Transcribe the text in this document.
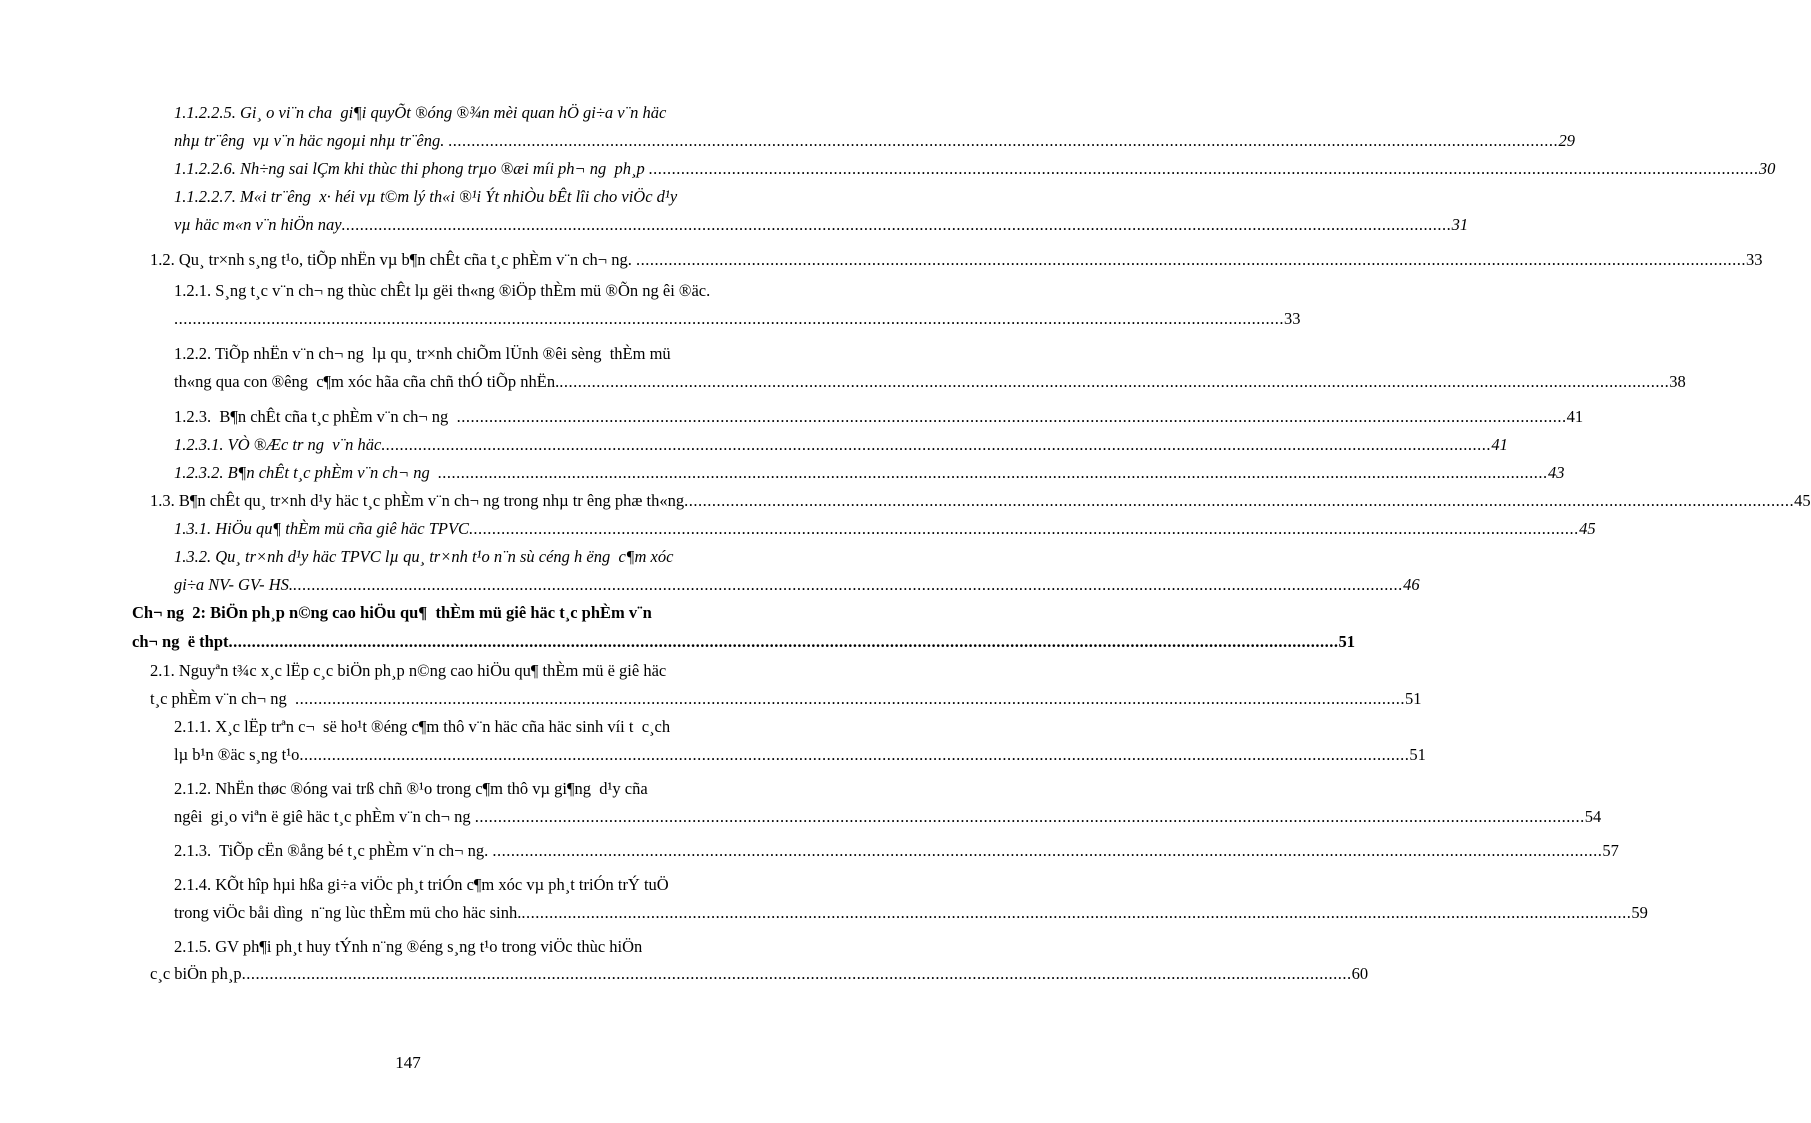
1.1.2.2.5. Gi¸ o vi¨n cha  gi¶i quyÕt ®óng ®¾n mèi quan hÖ gi÷a v¨n häc
nhµ tr¨êng  vµ v¨n häc ngoµi nhµ tr¨êng. ................................................................................................................................................................................................................................................ 29
1.1.2.2.6. Nh÷ng sai lÇm khi thùc thi phong trµo ®æi míi ph¬ ng  ph¸p ................................................................................................................................................................................................................................................ 30
1.1.2.2.7. M«i tr¨êng  x· héi vµ t©m lý th«i ®¹i Ýt nhiÒu bÊt lîi cho viÖc d¹y
vµ häc m«n v¨n hiÖn nay ................................................................................................................................................................................................................................................ 31
1.2. Qu¸ tr×nh s¸ng t¹o, tiÕp nhËn vµ b¶n chÊt cña t¸c phÈm v¨n ch¬ ng. ................................................................................................................................................................................................................................................ 33
1.2.1. S¸ng t¸c v¨n ch¬ ng thùc chÊt lµ gëi th«ng ®iÖp thÈm mü ®Õn ng êi ®äc.
................................................................................................................................................................................................................................................ 33
1.2.2. TiÕp nhËn v¨n ch¬ ng  lµ qu¸ tr×nh chiÕm lÜnh ®êi sèng  thÈm mü
th«ng qua con ®êng  c¶m xóc hãa cña chñ thÓ tiÕp nhËn. ................................................................................................................................................................................................................................................ 38
1.2.3.  B¶n chÊt cña t¸c phÈm v¨n ch¬ ng ................................................................................................................................................................................................................................................ 41
1.2.3.1. VÒ ®Æc tr ng  v¨n häc ................................................................................................................................................................................................................................................ 41
1.2.3.2. B¶n chÊt t¸c phÈm v¨n ch¬ ng ................................................................................................................................................................................................................................................ 43
1.3. B¶n chÊt qu¸ tr×nh d¹y häc t¸c phÈm v¨n ch¬ ng trong nhµ tr êng phæ th«ng ................................................................................................................................................................................................................................................ 45
1.3.1. HiÖu qu¶ thÈm mü cña giê häc TPVC ................................................................................................................................................................................................................................................ 45
1.3.2. Qu¸ tr×nh d¹y häc TPVC lµ qu¸ tr×nh t¹o n¨n sù céng h ëng  c¶m xóc
gi÷a NV- GV- HS. ................................................................................................................................................................................................................................................ 46
Ch¬ ng  2: BiÖn ph¸p n©ng cao hiÖu qu¶  thÈm mü giê häc t¸c phÈm v¨n
ch¬ ng  ë thpt ................................................................................................................................................................................................................................................ 51
2.1. Nguyªn t¾c x¸c lËp c¸c biÖn ph¸p n©ng cao hiÖu qu¶ thÈm mü ë giê häc
t¸c phÈm v¨n ch¬ ng ................................................................................................................................................................................................................................................ 51
2.1.1. X¸c lËp trªn c¬  së ho¹t ®éng c¶m thô v¨n häc cña häc sinh víi t  c¸ch
lµ b¹n ®äc s¸ng t¹o ................................................................................................................................................................................................................................................ 51
2.1.2. NhËn thøc ®óng vai trß chñ ®¹o trong c¶m thô vµ gi¶ng  d¹y cña
ngêi  gi¸o viªn ë giê häc t¸c phÈm v¨n ch¬ ng ................................................................................................................................................................................................................................................ 54
2.1.3.  TiÕp cËn ®ång bé t¸c phÈm v¨n ch¬ ng. ................................................................................................................................................................................................................................................ 57
2.1.4. KÕt hîp hµi hßa gi÷a viÖc ph¸t triÓn c¶m xóc vµ ph¸t triÓn trÝ tuÖ
trong viÖc båi dìng  n¨ng lùc thÈm mü cho häc sinh. ................................................................................................................................................................................................................................................ 59
2.1.5. GV ph¶i ph¸t huy tÝnh n¨ng ®éng s¸ng t¹o trong viÖc thùc hiÖn
c¸c biÖn ph¸p ................................................................................................................................................................................................................................................ 60
147
